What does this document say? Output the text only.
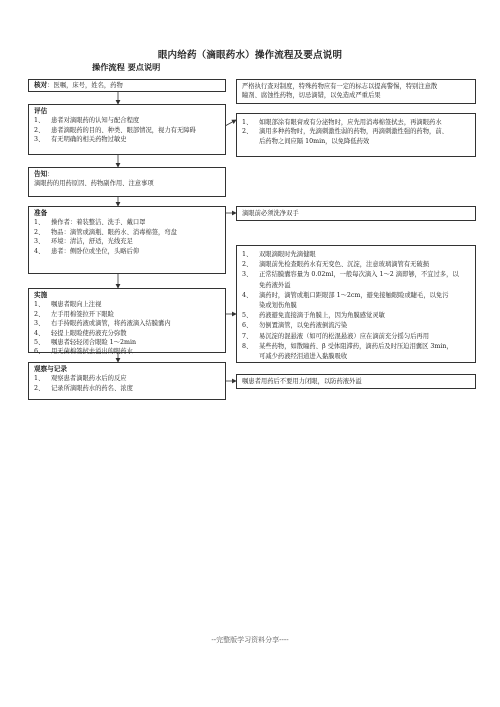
眼内给药（滴眼药水）操作流程及要点说明
操作流程 要点说明
核对：医嘱，床号，姓名，药物
评估
1、 患者对滴眼药的认知与配合程度
2、 患者滴眼药的目的、种类、眼部情况，视力有无障碍
3、 有无明确的相关药物过敏史
告知：
滴眼药的用药原因、药物副作用、注意事项
准备
1、 操作者：着装整洁、洗手、戴口罩
2、 物品：滴管或滴瓶、眼药水、消毒棉签，弯盘
3、 环境：清洁，舒适，光线充足
4、 患者：侧卧位或坐位，头略后仰
实施
1、 嘱患者眼向上注视
2、 左手用棉签拉开下眼睑
3、 右手持眼药液或滴管，将药液滴入结膜囊内
4、 轻提上眼睑使药液充分弥散
5、 嘱患者轻轻闭合眼睑 1～2min
6、 用无菌棉签拭去溢出的眼药水
观察与记录
1、 观察患者滴眼药水后的反应
2、 记录所滴眼药水的药名、浓度
严格执行查对制度，特殊药物应有一定的标志以提高警惕，特别注意散
瞳剂、腐蚀性药物，切忌滴错，以免造成严重后果
1、 如眼部涂有眼膏或有分泌物时，应先用消毒棉签拭去，再滴眼药水
2、 滴用多种药物时，先滴刺激性弱的药物，再滴刺激性强的药物，前、
后药物之间应隔 10min，以免降低药效
滴眼前必须洗净双手
1、 双眼滴眼时先滴健眼
2、 滴眼前先检查眼药水有无变色、沉淀，注意玻璃滴管有无破损
3、 正常结膜囊容量为 0.02ml，一般每次滴入 1～2 滴即够，不宜过多，以
免药液外溢
4、 滴药时，滴管或瓶口距眼部 1～2cm，避免接触眼睑或睫毛，以免污
染或划伤角膜
5、 药液避免直接滴于角膜上，因为角膜感觉灵敏
6、 勿倒置滴管，以免药液倒流污染
7、 易沉淀的混悬液（如可的松混悬液）应在滴前充分摇匀后再用
8、 某些药物，如散瞳药、β 受体阻滞药，滴药后及时压迫泪囊区 3min，
可减少药液经泪道进入黏膜吸收
嘱患者用药后不要用力闭眼，以防药液外溢
--完整版学习资料分享----
